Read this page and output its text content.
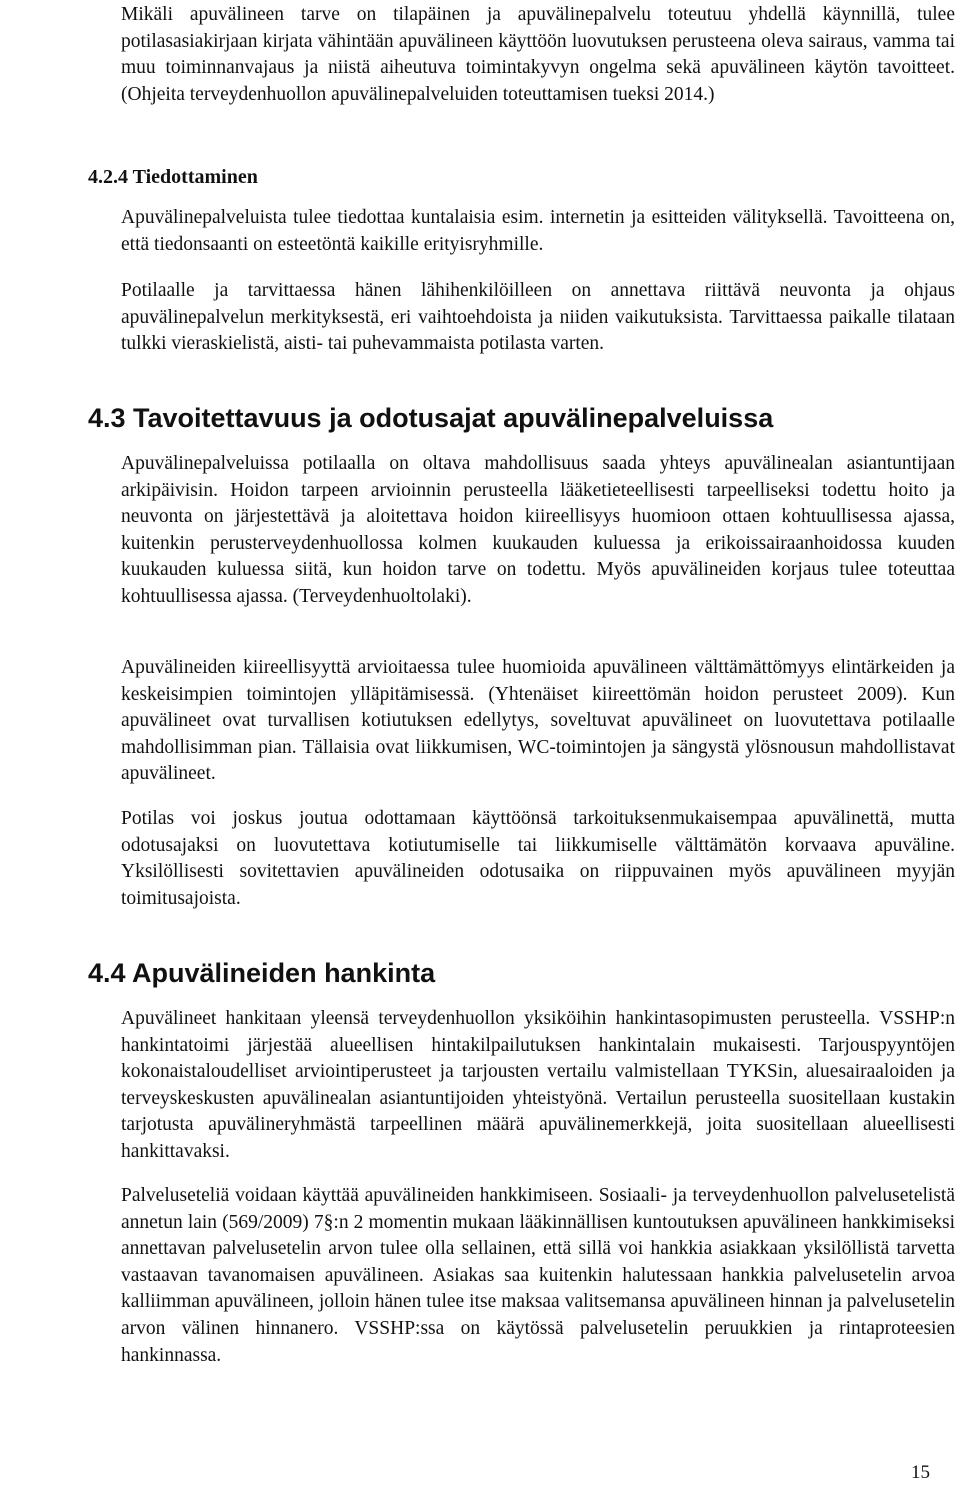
Mikäli apuvälineen tarve on tilapäinen ja apuvälinepalvelu toteutuu yhdellä käynnillä, tulee potilasasiakirjaan kirjata vähintään apuvälineen käyttöön luovutuksen perusteena oleva sairaus, vamma tai muu toiminnanvajaus ja niistä aiheutuva toimintakyvyn ongelma sekä apuvälineen käytön tavoitteet. (Ohjeita terveydenhuollon apuvälinepalveluiden toteuttamisen tueksi 2014.)

4.2.4 Tiedottaminen

Apuvälinepalveluista tulee tiedottaa kuntalaisia esim. internetin ja esitteiden välityksellä. Tavoitteena on, että tiedonsaanti on esteetöntä kaikille erityisryhmille.

Potilaalle ja tarvittaessa hänen lähihenkilöilleen on annettava riittävä neuvonta ja ohjaus apuvälinepalvelun merkityksestä, eri vaihtoehdoista ja niiden vaikutuksista. Tarvittaessa paikalle tilataan tulkki vieraskielistä, aisti- tai puhevammaista potilasta varten.

4.3 Tavoitettavuus ja odotusajat apuvälinepalveluissa

Apuvälinepalveluissa potilaalla on oltava mahdollisuus saada yhteys apuvälinealan asiantuntijaan arkipäivisin. Hoidon tarpeen arvioinnin perusteella lääketieteellisesti tarpeelliseksi todettu hoito ja neuvonta on järjestettävä ja aloitettava hoidon kiireellisyys huomioon ottaen kohtuullisessa ajassa, kuitenkin perusterveydenhuollossa kolmen kuukauden kuluessa ja erikoissairaanhoidossa kuuden kuukauden kuluessa siitä, kun hoidon tarve on todettu. Myös apuvälineiden korjaus tulee toteuttaa kohtuullisessa ajassa. (Terveydenhuoltolaki).

Apuvälineiden kiireellisyyttä arvioitaessa tulee huomioida apuvälineen välttämättömyys elintärkeiden ja keskeisimpien toimintojen ylläpitämisessä. (Yhtenäiset kiireettömän hoidon perusteet 2009). Kun apuvälineet ovat turvallisen kotiutuksen edellytys, soveltuvat apuvälineet on luovutettava potilaalle mahdollisimman pian. Tällaisia ovat liikkumisen, WC-toimintojen ja sängystä ylösnousun mahdollistavat apuvälineet.

Potilas voi joskus joutua odottamaan käyttöönsä tarkoituksenmukaisempaa apuvälinettä, mutta odotusajaksi on luovutettava kotiutumiselle tai liikkumiselle välttämätön korvaava apuväline. Yksilöllisesti sovitettavien apuvälineiden odotusaika on riippuvainen myös apuvälineen myyjän toimitusajoista.

4.4 Apuvälineiden hankinta

Apuvälineet hankitaan yleensä terveydenhuollon yksiköihin hankintasopimusten perusteella. VSSHP:n hankintatoimi järjestää alueellisen hintakilpailutuksen hankintalain mukaisesti. Tarjouspyyntöjen kokonaistaloudelliset arviointiperusteet ja tarjousten vertailu valmistellaan TYKSin, aluesairaaloiden ja terveyskeskusten apuvälinealan asiantuntijoiden yhteistyönä. Vertailun perusteella suositellaan kustakin tarjotusta apuvälineryhmästä tarpeellinen määrä apuvälinemerkkejä, joita suositellaan alueellisesti hankittavaksi.

Palveluseteliä voidaan käyttää apuvälineiden hankkimiseen. Sosiaali- ja terveydenhuollon palvelusetelistä annetun lain (569/2009) 7§:n 2 momentin mukaan lääkinnällisen kuntoutuksen apuvälineen hankkimiseksi annettavan palvelusetelin arvon tulee olla sellainen, että sillä voi hankkia asiakkaan yksilöllistä tarvetta vastaavan tavanomaisen apuvälineen. Asiakas saa kuitenkin halutessaan hankkia palvelusetelin arvoa kalliimman apuvälineen, jolloin hänen tulee itse maksaa valitsemansa apuvälineen hinnan ja palvelusetelin arvon välinen hinnanero. VSSHP:ssa on käytössä palvelusetelin peruukkien ja rintaproteesien hankinnassa.

15
